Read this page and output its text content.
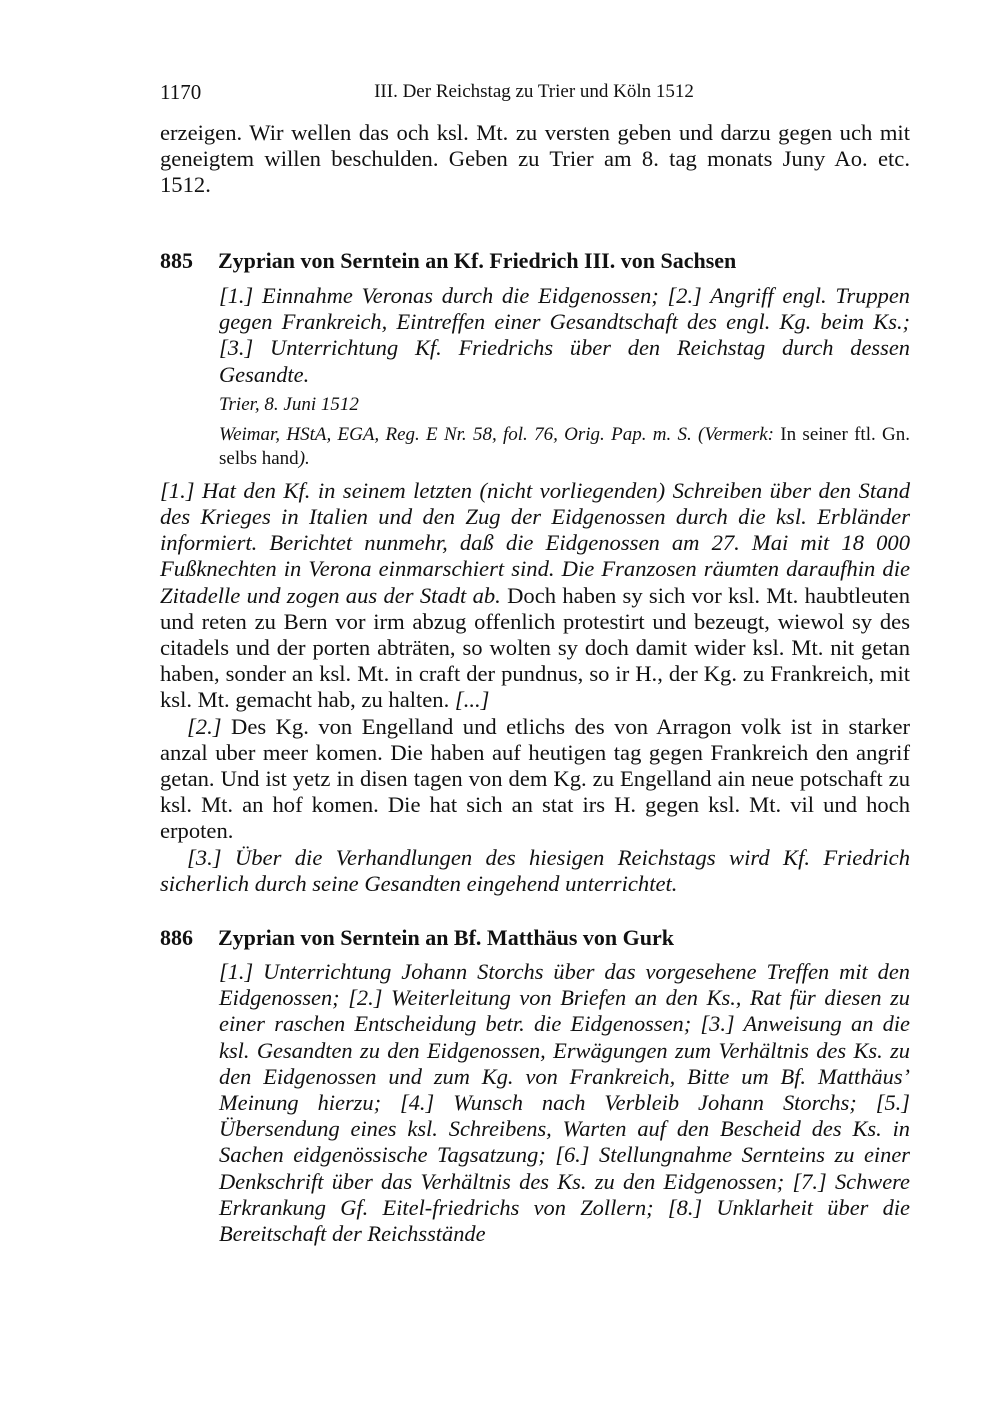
1170	III. Der Reichstag zu Trier und Köln 1512

erzeigen. Wir wellen das och ksl. Mt. zu versten geben und darzu gegen uch mit geneigtem willen beschulden. Geben zu Trier am 8. tag monats Juny Ao. etc. 1512.

885 Zyprian von Serntein an Kf. Friedrich III. von Sachsen

[1.] Einnahme Veronas durch die Eidgenossen; [2.] Angriff engl. Truppen gegen Frankreich, Eintreffen einer Gesandtschaft des engl. Kg. beim Ks.; [3.] Unterrichtung Kf. Friedrichs über den Reichstag durch dessen Gesandte.

Trier, 8. Juni 1512

Weimar, HStA, EGA, Reg. E Nr. 58, fol. 76, Orig. Pap. m. S. (Vermerk: In seiner ftl. Gn. selbs hand).

[1.] Hat den Kf. in seinem letzten (nicht vorliegenden) Schreiben über den Stand des Krieges in Italien und den Zug der Eidgenossen durch die ksl. Erbländer informiert. Berichtet nunmehr, daß die Eidgenossen am 27. Mai mit 18 000 Fußknechten in Verona einmarschiert sind. Die Franzosen räumten daraufhin die Zitadelle und zogen aus der Stadt ab. Doch haben sy sich vor ksl. Mt. haubtleuten und reten zu Bern vor irm abzug offenlich protestirt und bezeugt, wiewol sy des citadels und der porten abträten, so wolten sy doch damit wider ksl. Mt. nit getan haben, sonder an ksl. Mt. in craft der pundnus, so ir H., der Kg. zu Frankreich, mit ksl. Mt. gemacht hab, zu halten. [...]

[2.] Des Kg. von Engelland und etlichs des von Arragon volk ist in starker anzal uber meer komen. Die haben auf heutigen tag gegen Frankreich den angrif getan. Und ist yetz in disen tagen von dem Kg. zu Engelland ain neue potschaft zu ksl. Mt. an hof komen. Die hat sich an stat irs H. gegen ksl. Mt. vil und hoch erpoten.

[3.] Über die Verhandlungen des hiesigen Reichstags wird Kf. Friedrich sicherlich durch seine Gesandten eingehend unterrichtet.

886 Zyprian von Serntein an Bf. Matthäus von Gurk

[1.] Unterrichtung Johann Storchs über das vorgesehene Treffen mit den Eidgenossen; [2.] Weiterleitung von Briefen an den Ks., Rat für diesen zu einer raschen Entscheidung betr. die Eidgenossen; [3.] Anweisung an die ksl. Gesandten zu den Eidgenossen, Erwägungen zum Verhältnis des Ks. zu den Eidgenossen und zum Kg. von Frankreich, Bitte um Bf. Matthäus’ Meinung hierzu; [4.] Wunsch nach Verbleib Johann Storchs; [5.] Übersendung eines ksl. Schreibens, Warten auf den Bescheid des Ks. in Sachen eidgenössische Tagsatzung; [6.] Stellungnahme Sernteins zu einer Denkschrift über das Verhältnis des Ks. zu den Eidgenossen; [7.] Schwere Erkrankung Gf. Eitel-friedrichs von Zollern; [8.] Unklarheit über die Bereitschaft der Reichsstände
